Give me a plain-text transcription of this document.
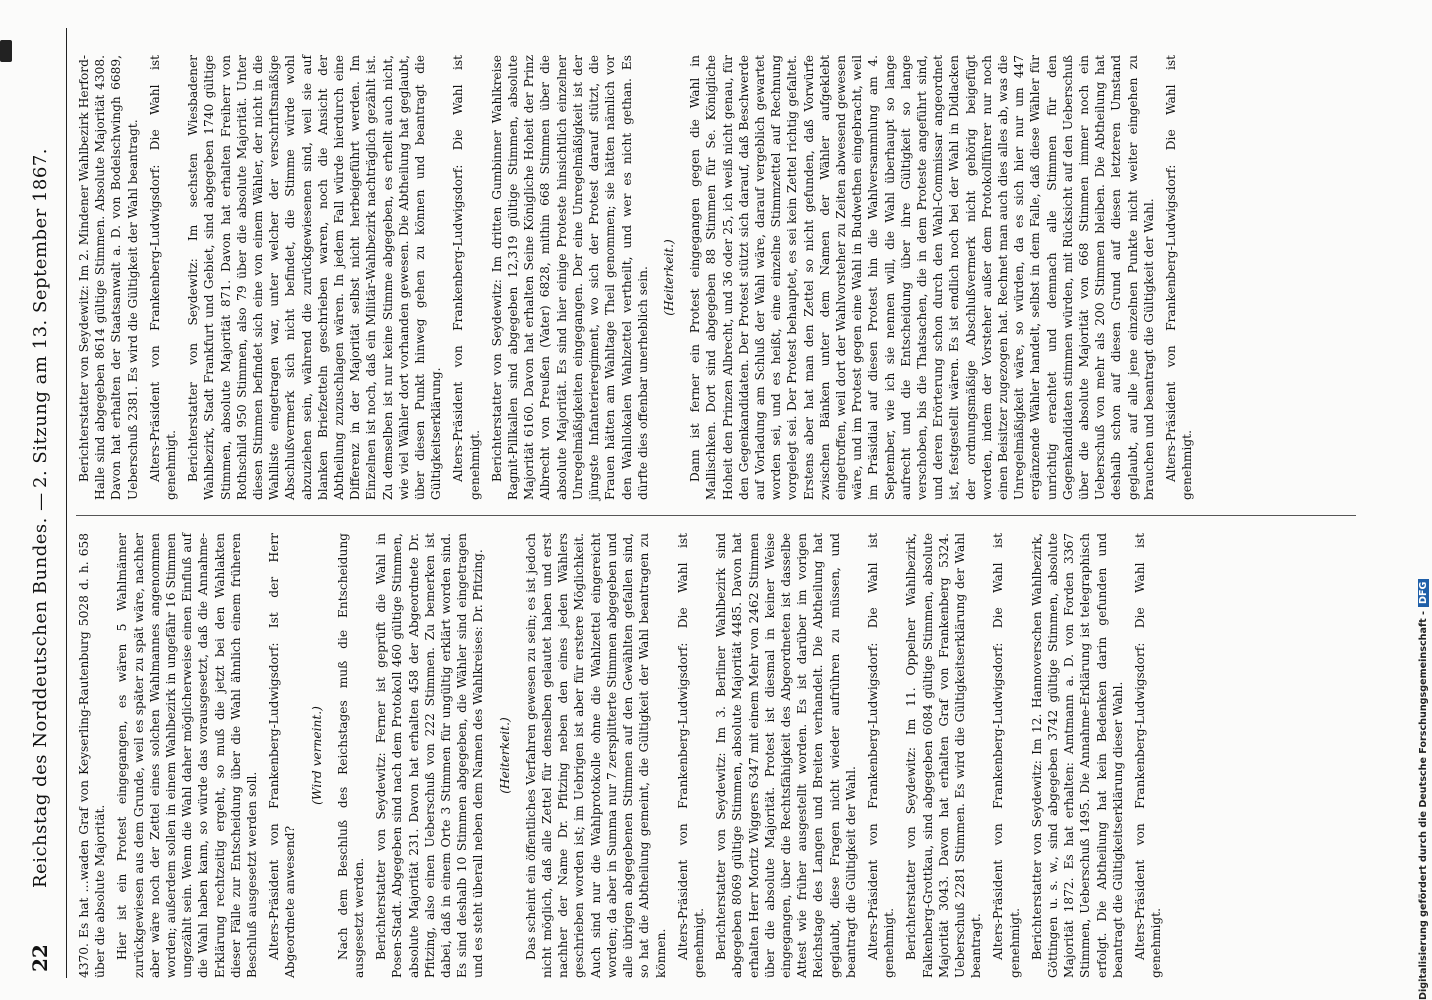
22
Reichstag des Norddeutschen Bundes. —
2. Sitzung am 13. September 1867.

4370. Es hat …waden Graf von Keyserling-Rautenburg 5028 d. h. 658 über die absolute Majorität. Hier ist ein Protest eingegangen, es wären 5 Wahlmänner zurückgewiesen aus dem Grunde, weil es später zu spät wäre, nachher aber wäre noch der Zettel eines solchen Wahlmannes angenommen worden; außerdem sollen in einem Wahlbezirk in ungefähr 16 Stimmen ungezählt sein. Wenn die Wahl daher möglicherweise einen Einfluß auf die Wahl haben kann, so würde das vorausgesetzt, daß die Annahme-Erklärung rechtzeitig ergeht, so muß die jetzt bei den Wahlakten dieser Fälle zur Entscheidung über die Wahl ähnlich einem früheren Beschluß ausgesetzt werden soll. Alters-Präsident von Frankenberg-Ludwigsdorf: Ist der Herr Abgeordnete anwesend?

(Wird verneint.) Nach dem Beschluß des Reichstages muß die Entscheidung ausgesetzt werden. Berichterstatter von Seydewitz: Ferner ist geprüft die Wahl in Posen-Stadt. Abgegeben sind nach dem Protokoll 460 gültige Stimmen, absolute Majorität 231. Davon hat erhalten 458 der Abgeordnete Dr. Pfitzing, also einen Ueberschuß von 222 Stimmen. Zu bemerken ist dabei, daß in einem Orte 3 Stimmen für ungültig erklärt worden sind. Es sind deshalb 10 Stimmen abgegeben, die Wähler sind eingetragen und es steht überall neben dem Namen des Wahlkreises: Dr. Pfitzing. (Heiterkeit.) Das scheint ein öffentliches Verfahren gewesen zu sein; es ist jedoch nicht möglich, daß alle Zettel für denselben gelautet haben und erst nachher der Name Dr. Pfitzing neben den eines jeden Wählers geschrieben worden ist; im Uebrigen ist aber für erstere Möglichkeit. Auch sind nur die Wahlprotokolle ohne die Wahlzettel eingereicht worden; da aber in Summa nur 7 zersplitterte Stimmen abgegeben und alle übrigen abgegebenen Stimmen auf den Gewählten gefallen sind, so hat die Abtheilung gemeint, die Gültigkeit der Wahl beantragen zu können. Alters-Präsident von Frankenberg-Ludwigsdorf: Die Wahl ist genehmigt. Berichterstatter von Seydewitz: Im 3. Berliner Wahlbezirk sind abgegeben 8069 gültige Stimmen, absolute Majorität 4485. Davon hat erhalten Herr Moritz Wiggers 6347 mit einem Mehr von 2462 Stimmen über die absolute Majorität. Protest ist diesmal in keiner Weise eingegangen, über die Rechtsfähigkeit des Abgeordneten ist dasselbe Attest wie früher ausgestellt worden. Es ist darüber im vorigen Reichstage des Langen und Breiten verhandelt. Die Abtheilung hat geglaubt, diese Fragen nicht wieder aufrühren zu müssen, und beantragt die Gültigkeit der Wahl. Alters-Präsident von Frankenberg-Ludwigsdorf: Die Wahl ist genehmigt. Berichterstatter von Seydewitz: Im 11. Oppelner Wahlbezirk, Falkenberg-Grottkau, sind abgegeben 6084 gültige Stimmen, absolute Majorität 3043. Davon hat erhalten Graf von Frankenberg 5324. Ueberschuß 2281 Stimmen. Es wird die Gültigkeitserklärung der Wahl beantragt. Alters-Präsident von Frankenberg-Ludwigsdorf: Die Wahl ist genehmigt. Berichterstatter von Seydewitz: Im 12. Hannoverschen Wahlbezirk, Göttingen u. s. w., sind abgegeben 3742 gültige Stimmen, absolute Majorität 1872. Es hat erhalten: Amtmann a. D. von Forden 3367 Stimmen, Ueberschuß 1495. Die Annahme-Erklärung ist telegraphisch erfolgt. Die Abtheilung hat kein Bedenken darin gefunden und beantragt die Gültigkeitserklärung dieser Wahl. Alters-Präsident von Frankenberg-Ludwigsdorf: Die Wahl ist genehmigt.

Berichterstatter von Seydewitz: Im 2. Mindener Wahlbezirk Herford-Halle sind abgegeben 8614 gültige Stimmen. Absolute Majorität 4308. Davon hat erhalten der Staatsanwalt a. D. von Bodelschwingh 6689, Ueberschuß 2381. Es wird die Gültigkeit der Wahl beantragt. Alters-Präsident von Frankenberg-Ludwigsdorf: Die Wahl ist genehmigt. Berichterstatter von Seydewitz: Im sechsten Wiesbadener Wahlbezirk, Stadt Frankfurt und Gebiet, sind abgegeben 1740 gültige Stimmen, absolute Majorität 871. Davon hat erhalten Freiherr von Rothschild 950 Stimmen, also 79 über die absolute Majorität. Unter diesen Stimmen befindet sich eine von einem Wähler, der nicht in die Wahlliste eingetragen war, unter welcher der verschriftsmäßige Abschlußvermerk sich nicht befindet, die Stimme würde wohl abzuziehen sein, während die zurückgewiesenen sind, weil sie auf blanken Briefzetteln geschrieben waren, noch die Ansicht der Abtheilung zuzuschlagen wären. In jedem Fall würde hierdurch eine Differenz in der Majorität selbst nicht herbeigeführt werden. Im Einzelnen ist noch, daß ein Militär-Wahlbezirk nachträglich gezählt ist. Zu demselben ist nur keine Stimme abgegeben, es erhellt auch nicht, wie viel Wähler dort vorhanden gewesen. Die Abtheilung hat geglaubt, über diesen Punkt hinweg gehen zu können und beantragt die Gültigkeitserklärung. Alters-Präsident von Frankenberg-Ludwigsdorf: Die Wahl ist genehmigt. Berichterstatter von Seydewitz: Im dritten Gumbinner Wahlkreise Ragnit-Pillkallen sind abgegeben 12,319 gültige Stimmen, absolute Majorität 6160. Davon hat erhalten Seine Königliche Hoheit der Prinz Albrecht von Preußen (Vater) 6828, mithin 668 Stimmen über die absolute Majorität. Es sind hier einige Proteste hinsichtlich einzelner Unregelmäßigkeiten eingegangen. Der eine Unregelmäßigkeit ist der jüngste Infanterieregiment, wo sich der Protest darauf stützt, die Frauen hätten am Wahltage Theil genommen; sie hätten nämlich vor den Wahllokalen Wahlzettel vertheilt, und wer es nicht gethan. Es dürfte dies offenbar unerheblich sein. (Heiterkeit.) Dann ist ferner ein Protest eingegangen gegen die Wahl in Mallischken. Dort sind abgegeben 88 Stimmen für Se. Königliche Hoheit den Prinzen Albrecht, und 36 oder 25, ich weiß nicht genau, für den Gegenkandidaten. Der Protest stützt sich darauf, daß Beschwerde auf Vorladung am Schluß der Wahl wäre, darauf vergeblich gewartet worden sei, und es heißt, eine einzelne Stimmzettel auf Rechnung vorgelegt sei. Der Protest behauptet, es sei kein Zettel richtig gefaltet. Erstens aber hat man den Zettel so nicht gefunden, daß Vorwürfe zwischen Bänken unter dem Namen der Wähler aufgeklebt eingetroffen, weil dort der Wahlvorsteher zu Zeiten abwesend gewesen wäre, und im Protest gegen eine Wahl in Budwethen eingebracht, weil im Präsidial auf diesen Protest hin die Wahlversammlung am 4. September, wie ich sie nennen will, die Wahl überhaupt so lange aufrecht und die Entscheidung über ihre Gültigkeit so lange verschoben, bis die Thatsachen, die in dem Proteste angeführt sind, und deren Erörterung schon durch den Wahl-Commissar angeordnet ist, festgestellt wären. Es ist endlich noch bei der Wahl in Didlacken der ordnungsmäßige Abschlußvermerk nicht gehörig beigefügt worden, indem der Vorsteher außer dem Protokollführer nur noch einen Beisitzer zugezogen hat. Rechnet man auch dies alles ab, was die Unregelmäßigkeit wäre, so würden, da es sich hier nur um 447 ergänzende Wähler handelt, selbst in dem Falle, daß diese Wähler für unrichtig erachtet und demnach alle Stimmen für den Gegenkandidaten stimmen würden, mit Rücksicht auf den Ueberschuß über die absolute Majorität von 668 Stimmen immer noch ein Ueberschuß von mehr als 200 Stimmen bleiben. Die Abtheilung hat deshalb schon auf diesen Grund auf diesen letzteren Umstand geglaubt, auf alle jene einzelnen Punkte nicht weiter eingehen zu brauchen und beantragt die Gültigkeit der Wahl. Alters-Präsident von Frankenberg-Ludwigsdorf: Die Wahl ist genehmigt.

Digitalisierung gefördert durch die Deutsche Forschungsgemeinschaft -DFG
